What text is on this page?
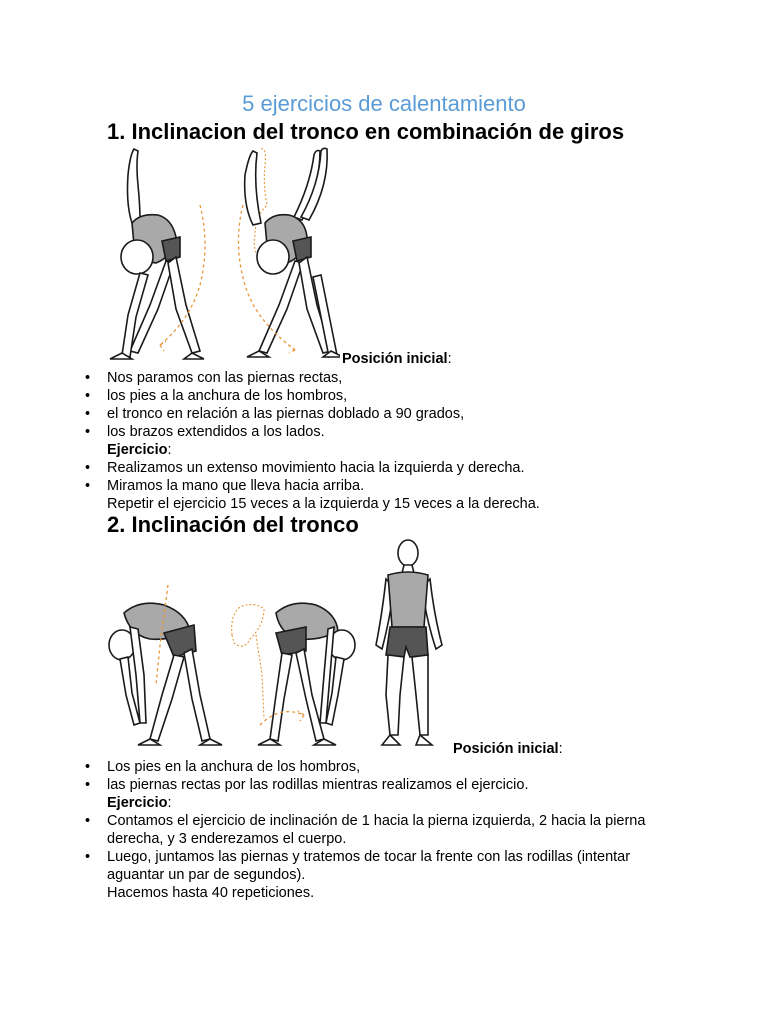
5 ejercicios de calentamiento
1. Inclinacion del tronco en combinación de giros
Posición inicial:
• Nos paramos con las piernas rectas,
• los pies a la anchura de los hombros,
• el tronco en relación a las piernas doblado a 90 grados,
• los brazos extendidos a los lados.
Ejercicio:
• Realizamos un extenso movimiento hacia la izquierda y derecha.
• Miramos la mano que lleva hacia arriba.
Repetir el ejercicio 15 veces a la izquierda y 15 veces a la derecha.
2. Inclinación del tronco
Posición inicial:
• Los pies en la anchura de los hombros,
• las piernas rectas por las rodillas mientras realizamos el ejercicio.
Ejercicio:
• Contamos el ejercicio de inclinación de 1 hacia la pierna izquierda, 2 hacia la pierna derecha, y 3 enderezamos el cuerpo.
• Luego, juntamos las piernas y tratemos de tocar la frente con las rodillas (intentar aguantar un par de segundos).
Hacemos hasta 40 repeticiones.
